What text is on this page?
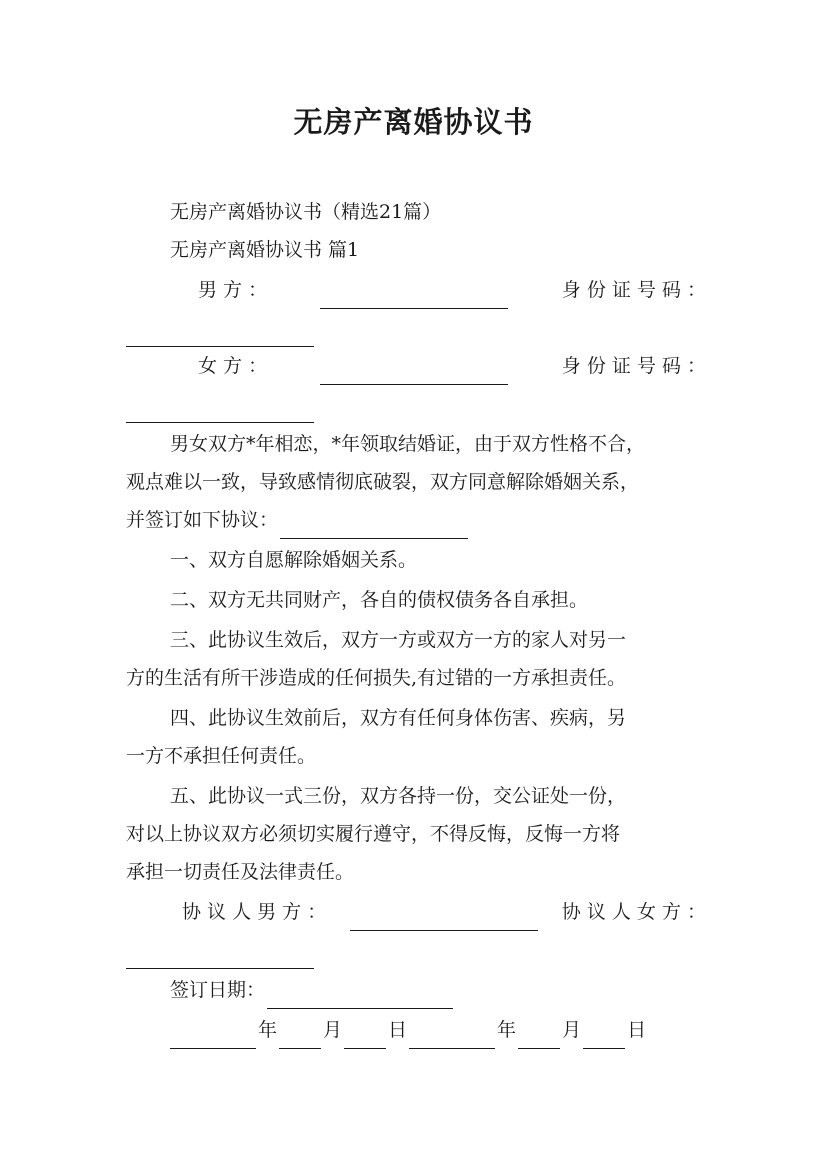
无房产离婚协议书
无房产离婚协议书（精选21篇）
无房产离婚协议书 篇1
男 方 ：	身 份 证 号 码 ：
女 方 ：	身 份 证 号 码 ：
男女双方*年相恋，*年领取结婚证，由于双方性格不合，
观点难以一致，导致感情彻底破裂，双方同意解除婚姻关系，
并签订如下协议：
一、双方自愿解除婚姻关系。
二、双方无共同财产，各自的债权债务各自承担。
三、此协议生效后，双方一方或双方一方的家人对另一
方的生活有所干涉造成的任何损失,有过错的一方承担责任。
四、此协议生效前后，双方有任何身体伤害、疾病，另
一方不承担任何责任。
五、此协议一式三份，双方各持一份，交公证处一份，
对以上协议双方必须切实履行遵守，不得反悔，反悔一方将
承担一切责任及法律责任。
协 议 人 男 方 ：	协 议 人 女 方 ：
签订日期：
年 月 日	年 月 日
